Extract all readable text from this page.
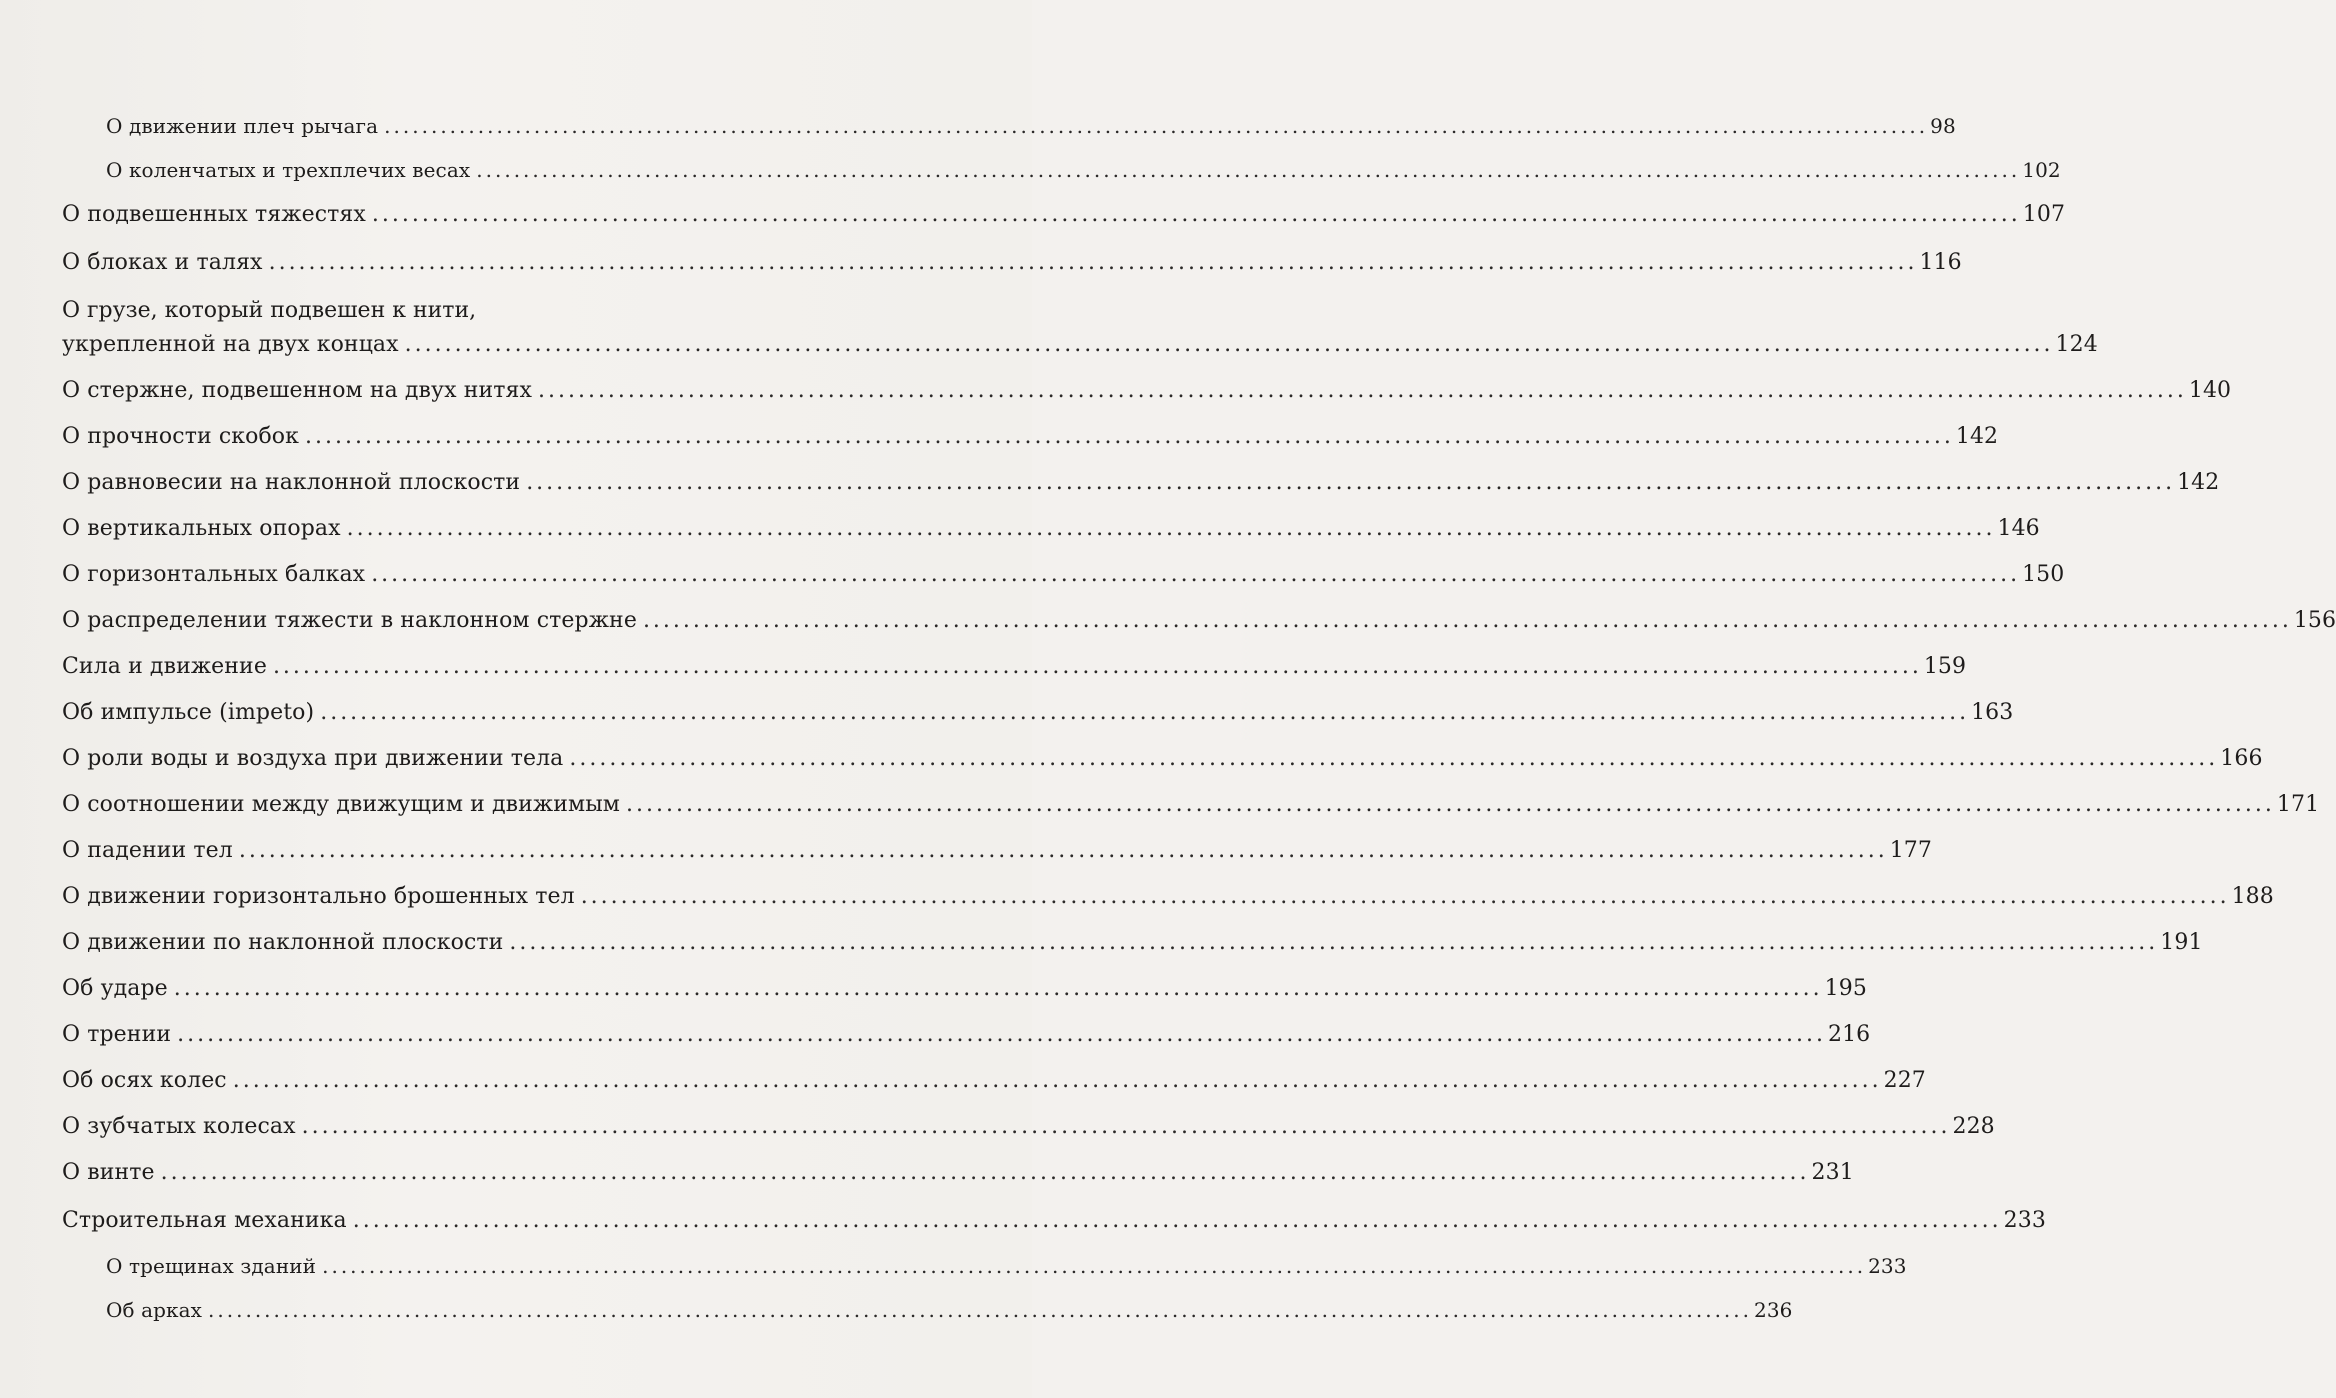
О движении плеч рычага ..................................................................................................................................................................... 98
О коленчатых и трехплечих весах ..................................................................................................................................................................... 102
О подвешенных тяжестях ..................................................................................................................................................................... 107
О блоках и талях ..................................................................................................................................................................... 116
О грузе, который подвешен к нити,
укрепленной на двух концах ..................................................................................................................................................................... 124
О стержне, подвешенном на двух нитях ..................................................................................................................................................................... 140
О прочности скобок ..................................................................................................................................................................... 142
О равновесии на наклонной плоскости ..................................................................................................................................................................... 142
О вертикальных опорах ..................................................................................................................................................................... 146
О горизонтальных балках ..................................................................................................................................................................... 150
О распределении тяжести в наклонном стержне ..................................................................................................................................................................... 156
Сила и движение ..................................................................................................................................................................... 159
Об импульсе (impeto) ..................................................................................................................................................................... 163
О роли воды и воздуха при движении тела ..................................................................................................................................................................... 166
О соотношении между движущим и движимым ..................................................................................................................................................................... 171
О падении тел ..................................................................................................................................................................... 177
О движении горизонтально брошенных тел ..................................................................................................................................................................... 188
О движении по наклонной плоскости ..................................................................................................................................................................... 191
Об ударе ..................................................................................................................................................................... 195
О трении ..................................................................................................................................................................... 216
Об осях колес ..................................................................................................................................................................... 227
О зубчатых колесах ..................................................................................................................................................................... 228
О винте ..................................................................................................................................................................... 231
Строительная механика ..................................................................................................................................................................... 233
О трещинах зданий ..................................................................................................................................................................... 233
Об арках ..................................................................................................................................................................... 236
